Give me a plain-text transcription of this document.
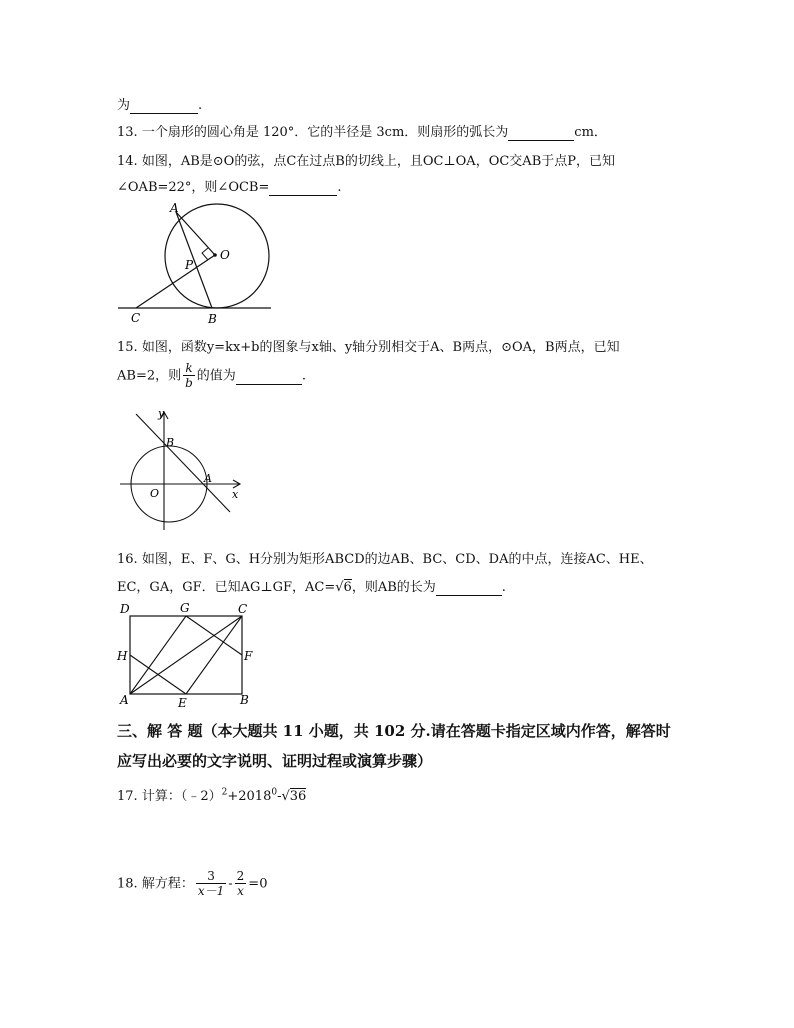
为	.
13. 一个扇形的圆心角是 120°．它的半径是 3cm．则扇形的弧长为	cm．
14. 如图，AB是⊙O的弦，点C在过点B的切线上，且OC⊥OA，OC交AB于点P，已知
∠OAB=22°，则∠OCB=	.
A
O
P
C	B
15. 如图，函数y=kx+b的图象与x轴、y轴分别相交于A、B两点，⊙OA，B两点，已知
AB=2，则 $\frac{k}{b}$ 的值为	.
y
x
B
A
O
16. 如图，E、F、G、H分别为矩形ABCD的边AB、BC、CD、DA的中点，连接AC、HE、
EC，GA，GF．已知AG⊥GF，AC=√6，则AB的长为	.
D	G	C
H	F
A	E	B
三、解 答 题（本大题共 11 小题，共 102 分.请在答题卡指定区域内作答，解答时
应写出必要的文字说明、证明过程或演算步骤）
17. 计算：$(﹣2)^2+2018^0-√36$
18. 解方程： $\frac{3}{x-1} - \frac{2}{x} =0$
